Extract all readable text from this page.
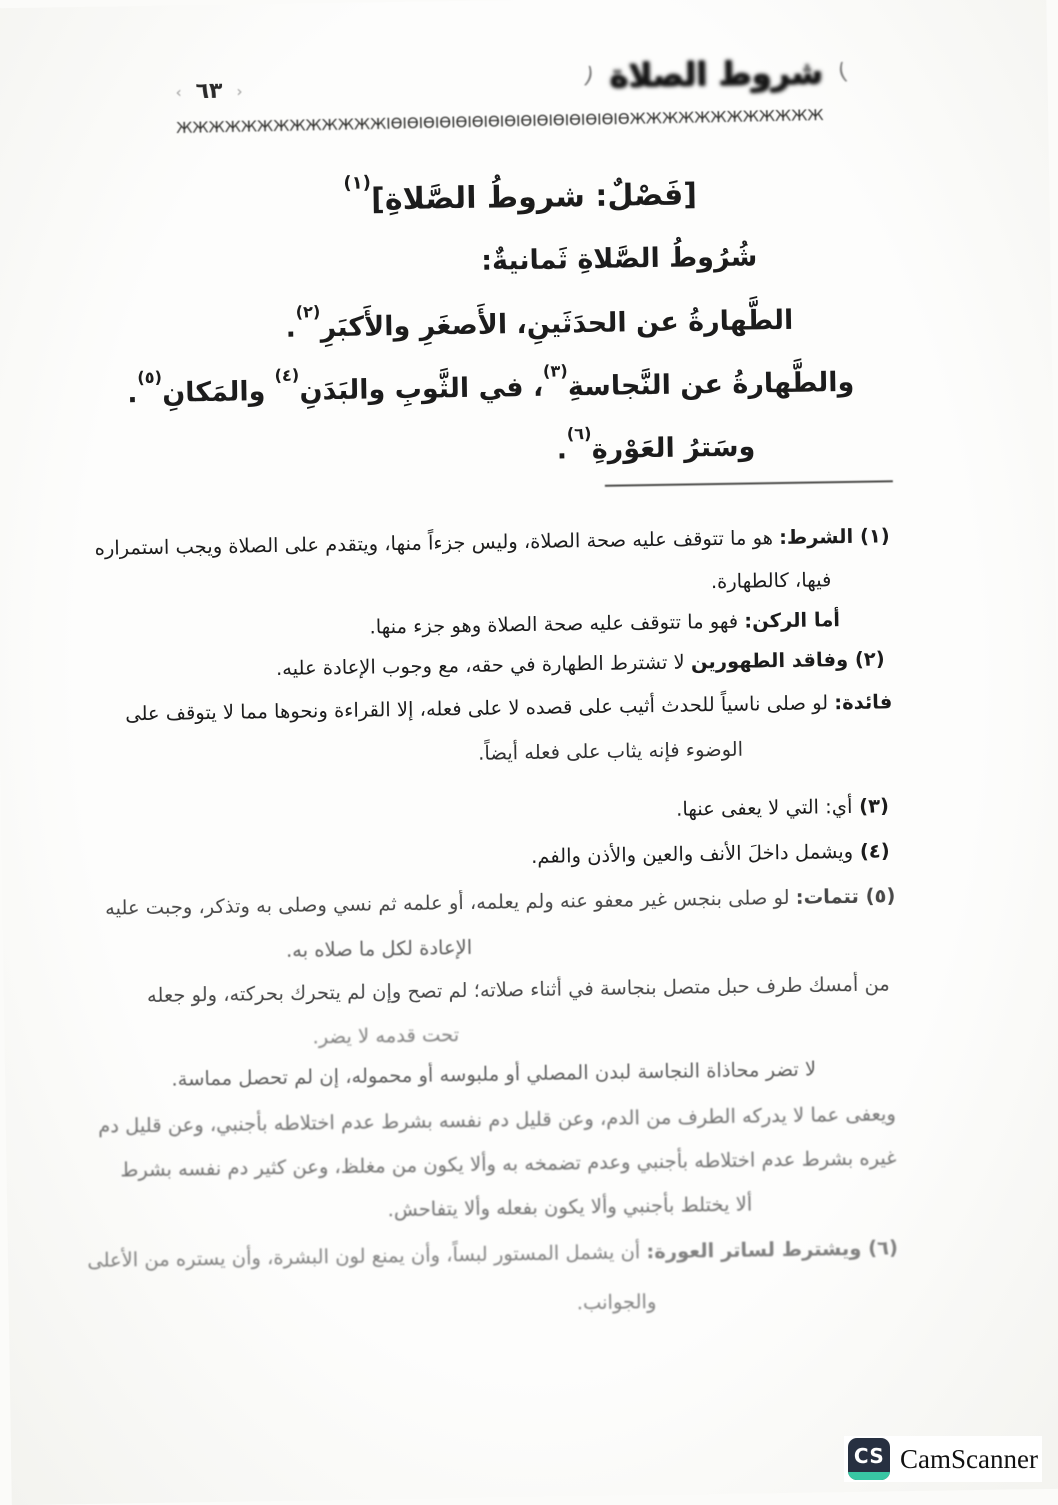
‹ ٦٣ ›
) شروط الصلاة (
ЖЖЖЖЖЖЖЖЖЖЖЖЖІѲІѲІѲІѲІѲІѲІѲІѲІѲІѲІѲІѲІѲІѲІѲЖЖЖЖЖЖЖЖЖЖЖЖ
[فَصْلٌ: شروطُ الصَّلاةِ]$^{(١)}$
شُرُوطُ الصَّلاةِ ثَمانيةٌ:
الطَّهارةُ عن الحدَثَينِ، الأَصغَرِ والأَكبَرِ$^{(٢)}$.
والطَّهارةُ عن النَّجاسةِ$^{(٣)}$، في الثَّوبِ والبَدَنِ$^{(٤)}$ والمَكانِ$^{(٥)}$.
وسَترُ العَوْرةِ$^{(٦)}$.
(١) الشرط: هو ما تتوقف عليه صحة الصلاة، وليس جزءاً منها، ويتقدم على الصلاة ويجب استمراره
فيها، كالطهارة.
أما الركن: فهو ما تتوقف عليه صحة الصلاة وهو جزء منها.
(٢) وفاقد الطهورين لا تشترط الطهارة في حقه، مع وجوب الإعادة عليه.
فائدة: لو صلى ناسياً للحدث أثيب على قصده لا على فعله، إلا القراءة ونحوها مما لا يتوقف على
الوضوء فإنه يثاب على فعله أيضاً.
(٣) أي: التي لا يعفى عنها.
(٤) ويشمل داخلَ الأنف والعين والأذن والفم.
(٥) تتمات: لو صلى بنجس غير معفو عنه ولم يعلمه، أو علمه ثم نسي وصلى به وتذكر، وجبت عليه
الإعادة لكل ما صلاه به.
من أمسك طرف حبل متصل بنجاسة في أثناء صلاته؛ لم تصح وإن لم يتحرك بحركته، ولو جعله
تحت قدمه لا يضر.
لا تضر محاذاة النجاسة لبدن المصلي أو ملبوسه أو محموله، إن لم تحصل مماسة.
ويعفى عما لا يدركه الطرف من الدم، وعن قليل دم نفسه بشرط عدم اختلاطه بأجنبي، وعن قليل دم
غيره بشرط عدم اختلاطه بأجنبي وعدم تضمخه به وألا يكون من مغلظ، وعن كثير دم نفسه بشرط
ألا يختلط بأجنبي وألا يكون بفعله وألا يتفاحش.
(٦) ويشترط لساتر العورة: أن يشمل المستور لبساً، وأن يمنع لون البشرة، وأن يستره من الأعلى
والجوانب.
CS CamScanner
